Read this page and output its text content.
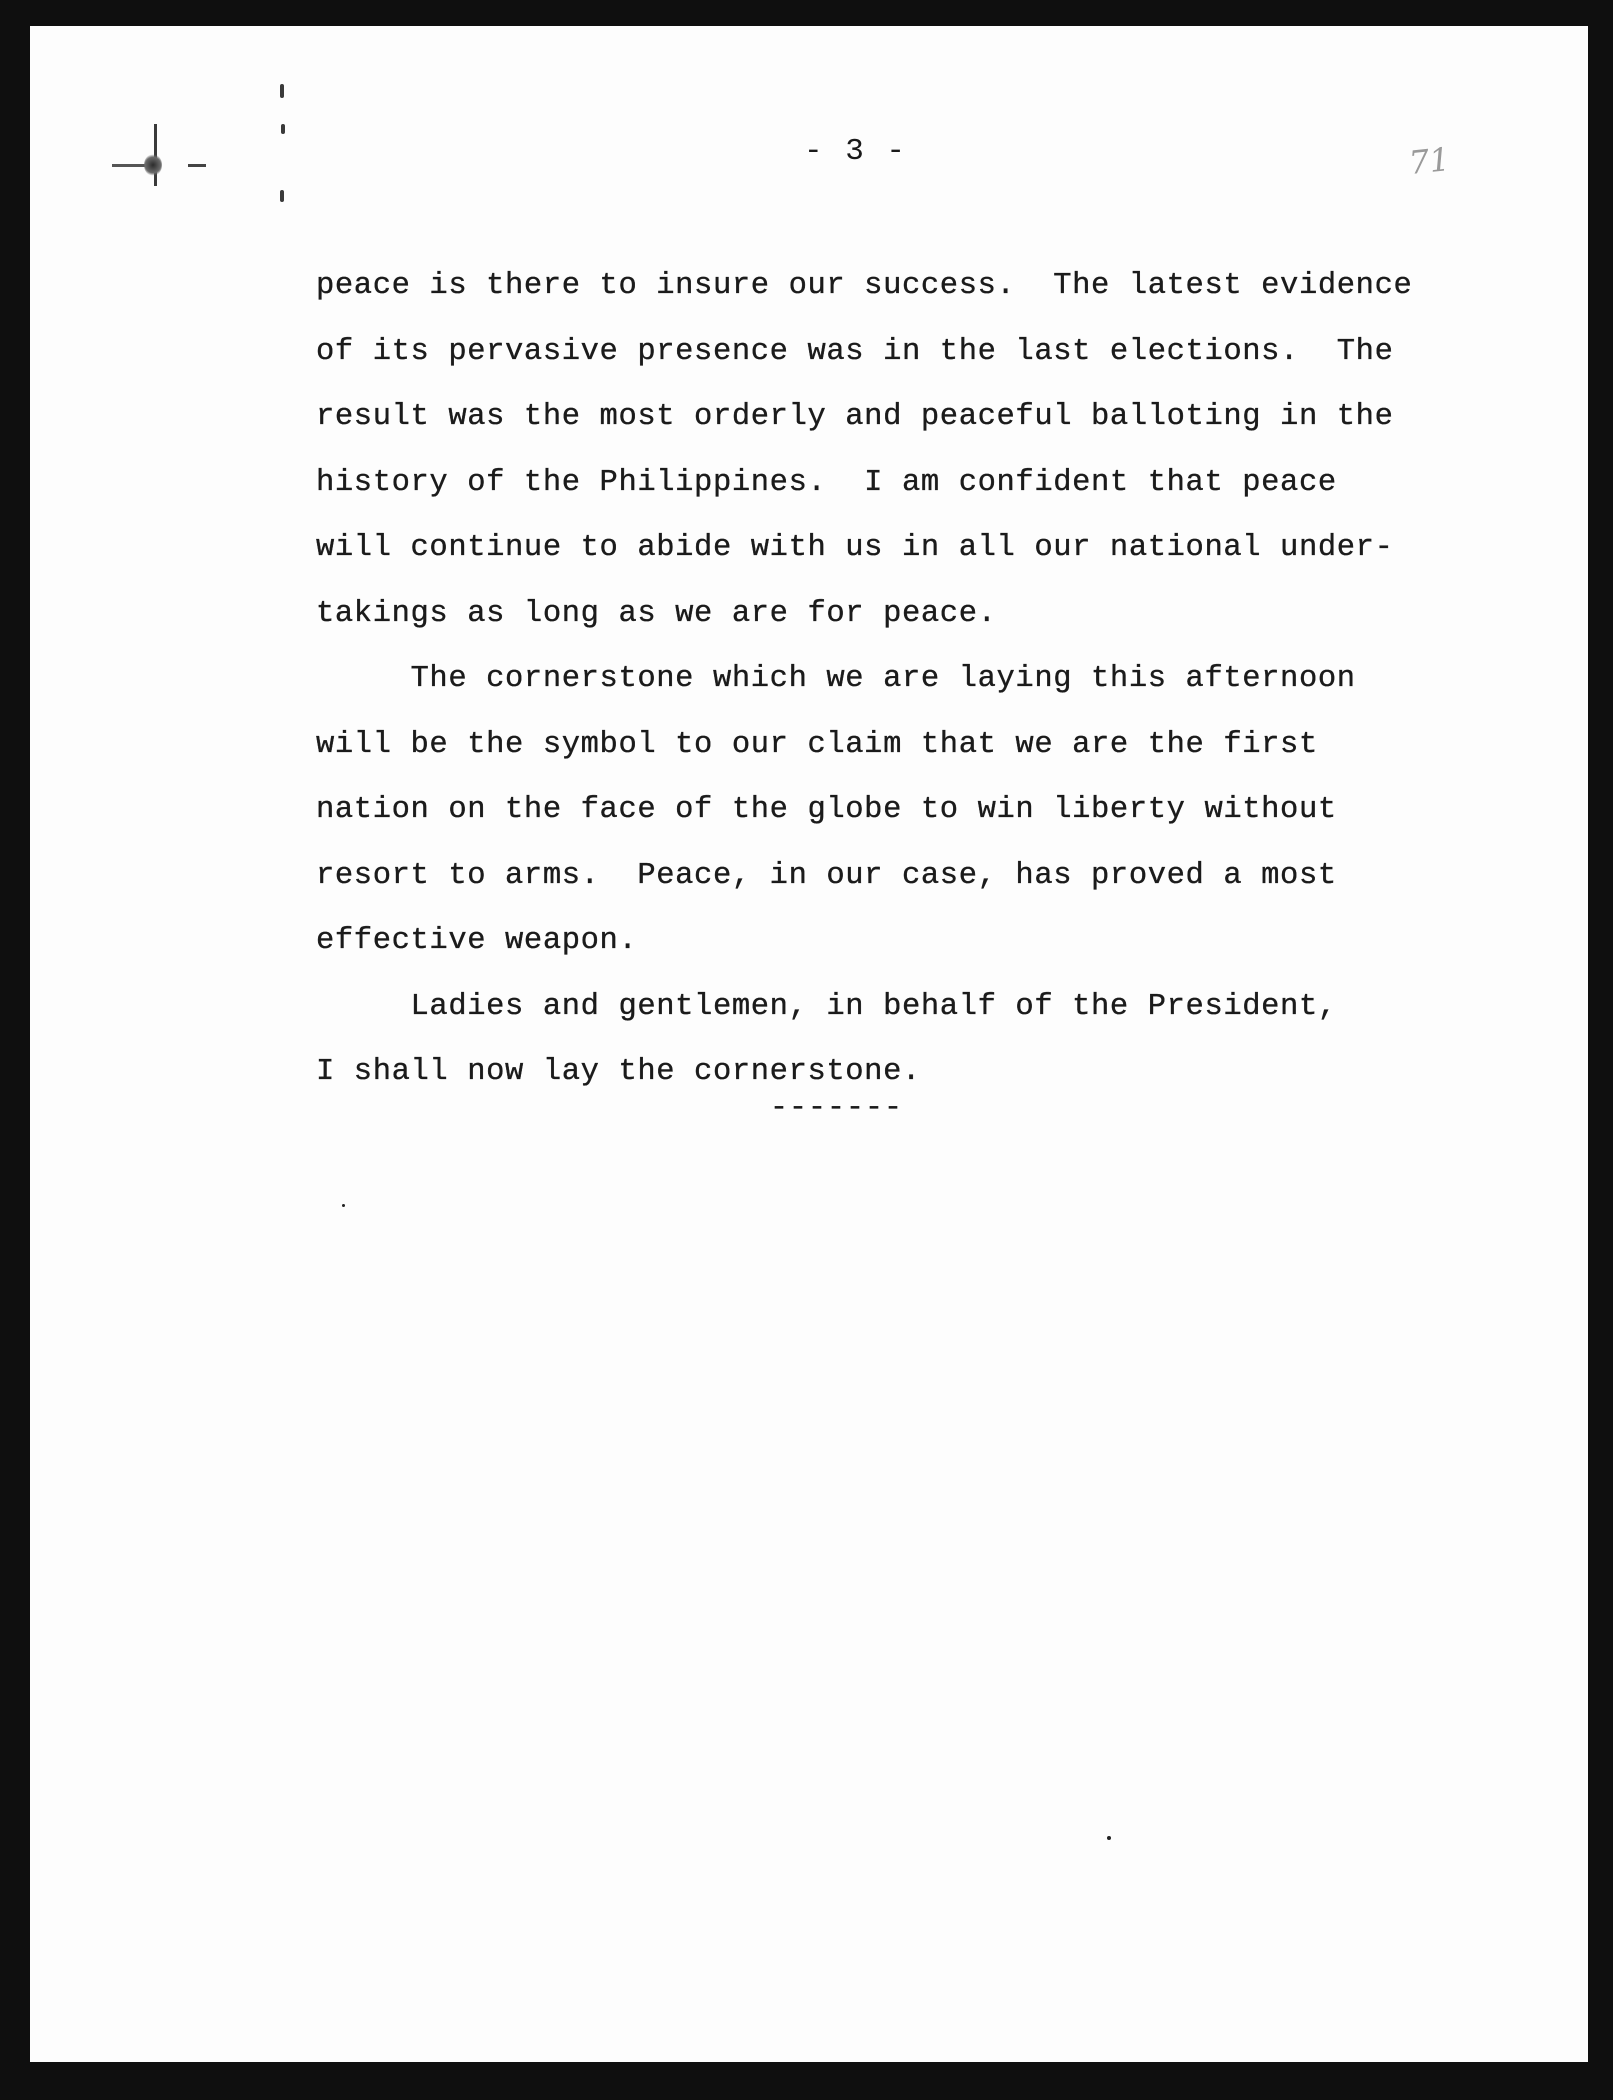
- 3 -	71
peace is there to insure our success.  The latest evidence
of its pervasive presence was in the last elections.  The
result was the most orderly and peaceful balloting in the
history of the Philippines.  I am confident that peace
will continue to abide with us in all our national under-
takings as long as we are for peace.
The cornerstone which we are laying this afternoon
will be the symbol to our claim that we are the first
nation on the face of the globe to win liberty without
resort to arms.  Peace, in our case, has proved a most
effective weapon.
Ladies and gentlemen, in behalf of the President,
I shall now lay the cornerstone.
-------
